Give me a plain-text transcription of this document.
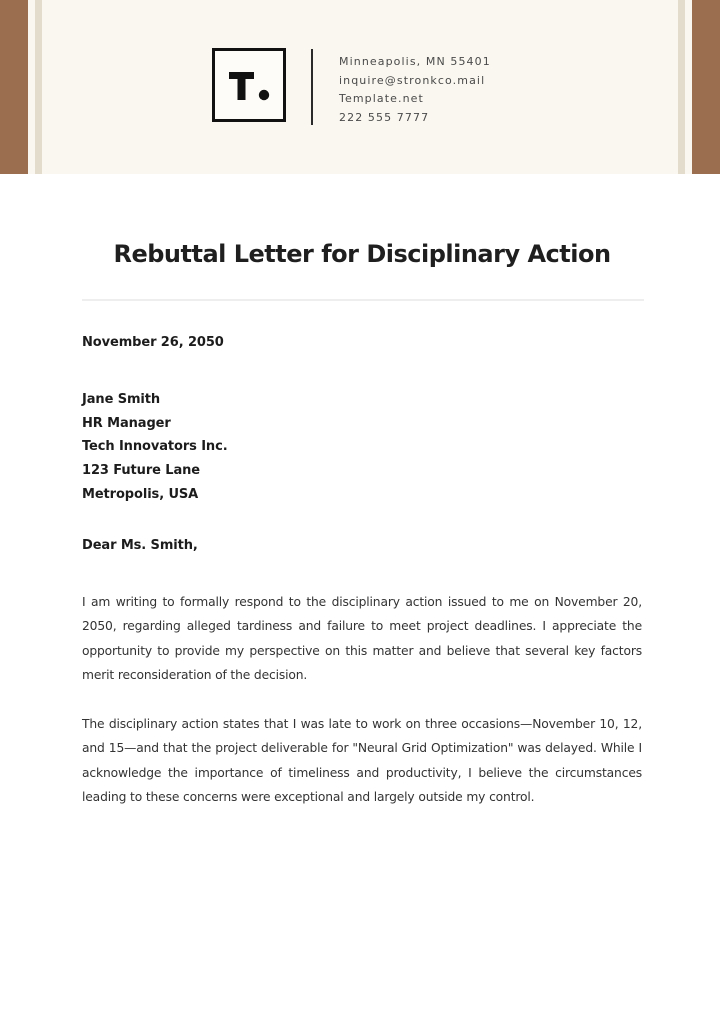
Minneapolis, MN 55401
inquire@stronkco.mail
Template.net
222 555 7777
Rebuttal Letter for Disciplinary Action
November 26, 2050
Jane Smith
HR Manager
Tech Innovators Inc.
123 Future Lane
Metropolis, USA
Dear Ms. Smith,

I am writing to formally respond to the disciplinary action issued to me on November 20, 2050, regarding alleged tardiness and failure to meet project deadlines. I appreciate the opportunity to provide my perspective on this matter and believe that several key factors merit reconsideration of the decision.

The disciplinary action states that I was late to work on three occasions—November 10, 12, and 15—and that the project deliverable for "Neural Grid Optimization" was delayed. While I acknowledge the importance of timeliness and productivity, I believe the circumstances leading to these concerns were exceptional and largely outside my control.
